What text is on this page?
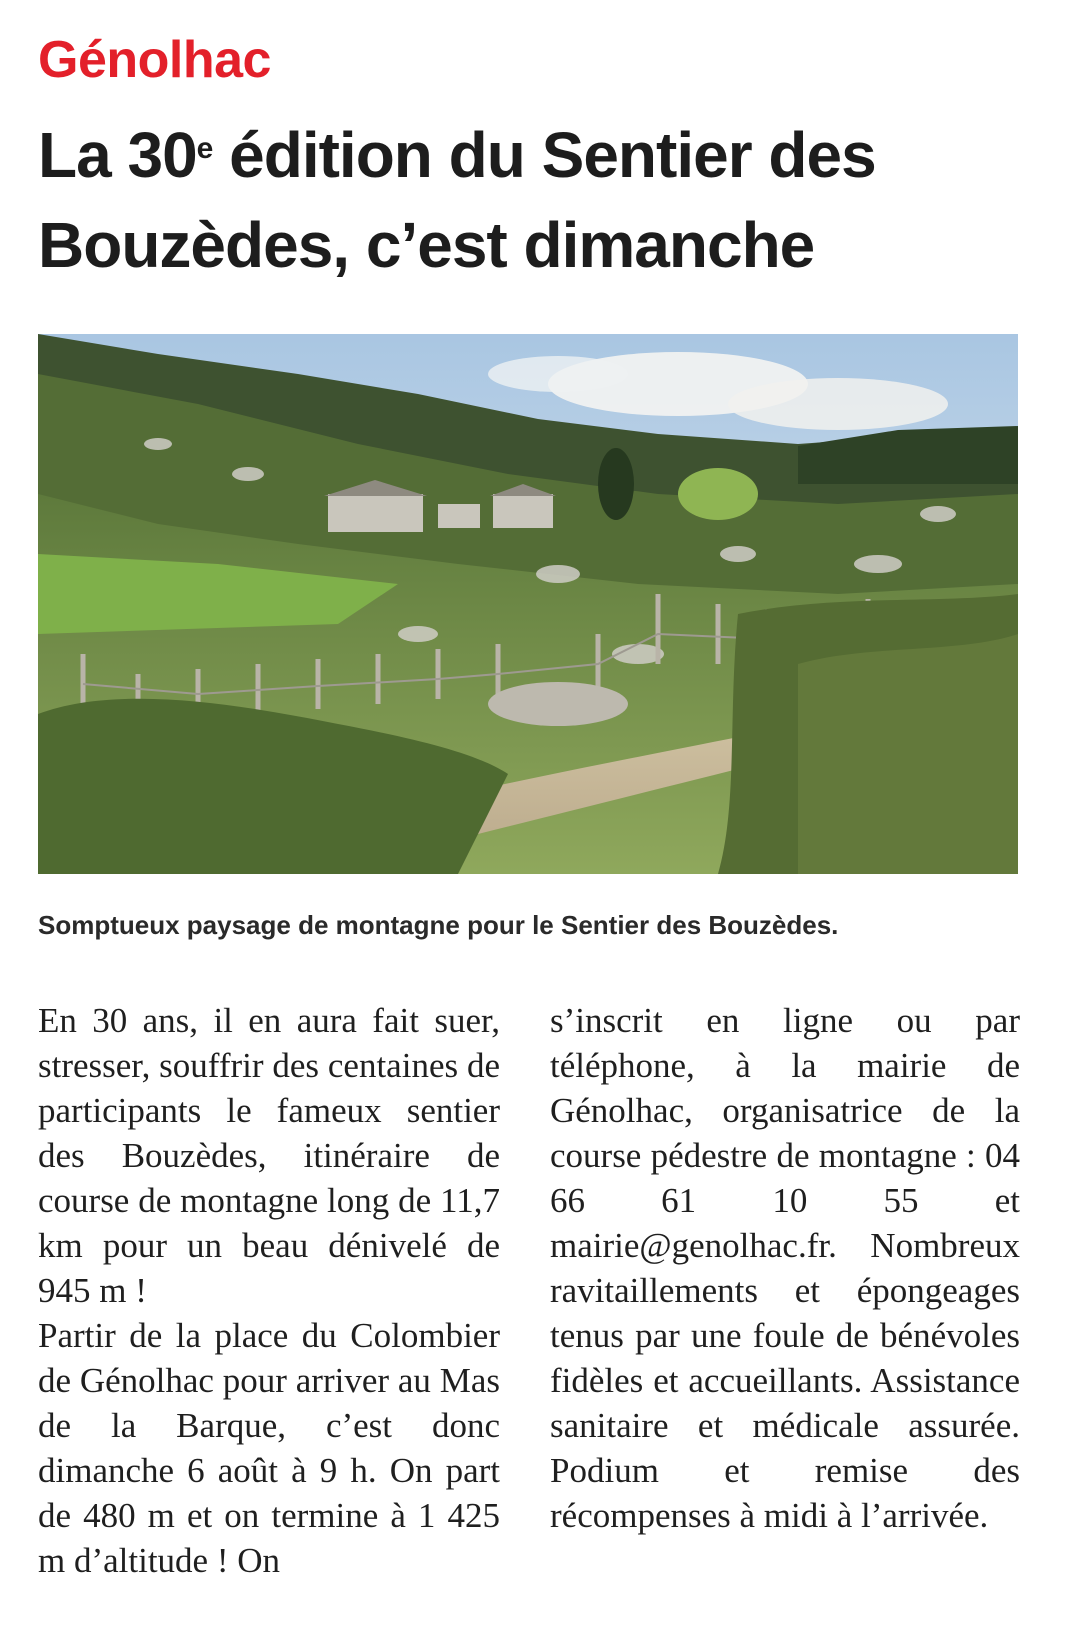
Génolhac
La 30e édition du Sentier des Bouzèdes, c’est dimanche
Somptueux paysage de montagne pour le Sentier des Bouzèdes.

En 30 ans, il en aura fait suer, stresser, souffrir des centaines de participants le fameux sentier des Bouzèdes, itinéraire de course de montagne long de 11,7 km pour un beau dénivelé de 945 m !

Partir de la place du Colombier de Génolhac pour arriver au Mas de la Barque, c’est donc dimanche 6 août à 9 h. On part de 480 m et on termine à 1 425 m d’altitude ! On

s’inscrit en ligne ou par téléphone, à la mairie de Génolhac, organisatrice de la course pédestre de montagne : 04 66 61 10 55 et mairie@genolhac.fr. Nombreux ravitaillements et épongeages tenus par une foule de bénévoles fidèles et accueillants. Assistance sanitaire et médicale assurée. Podium et remise des récompenses à midi à l’arrivée.
